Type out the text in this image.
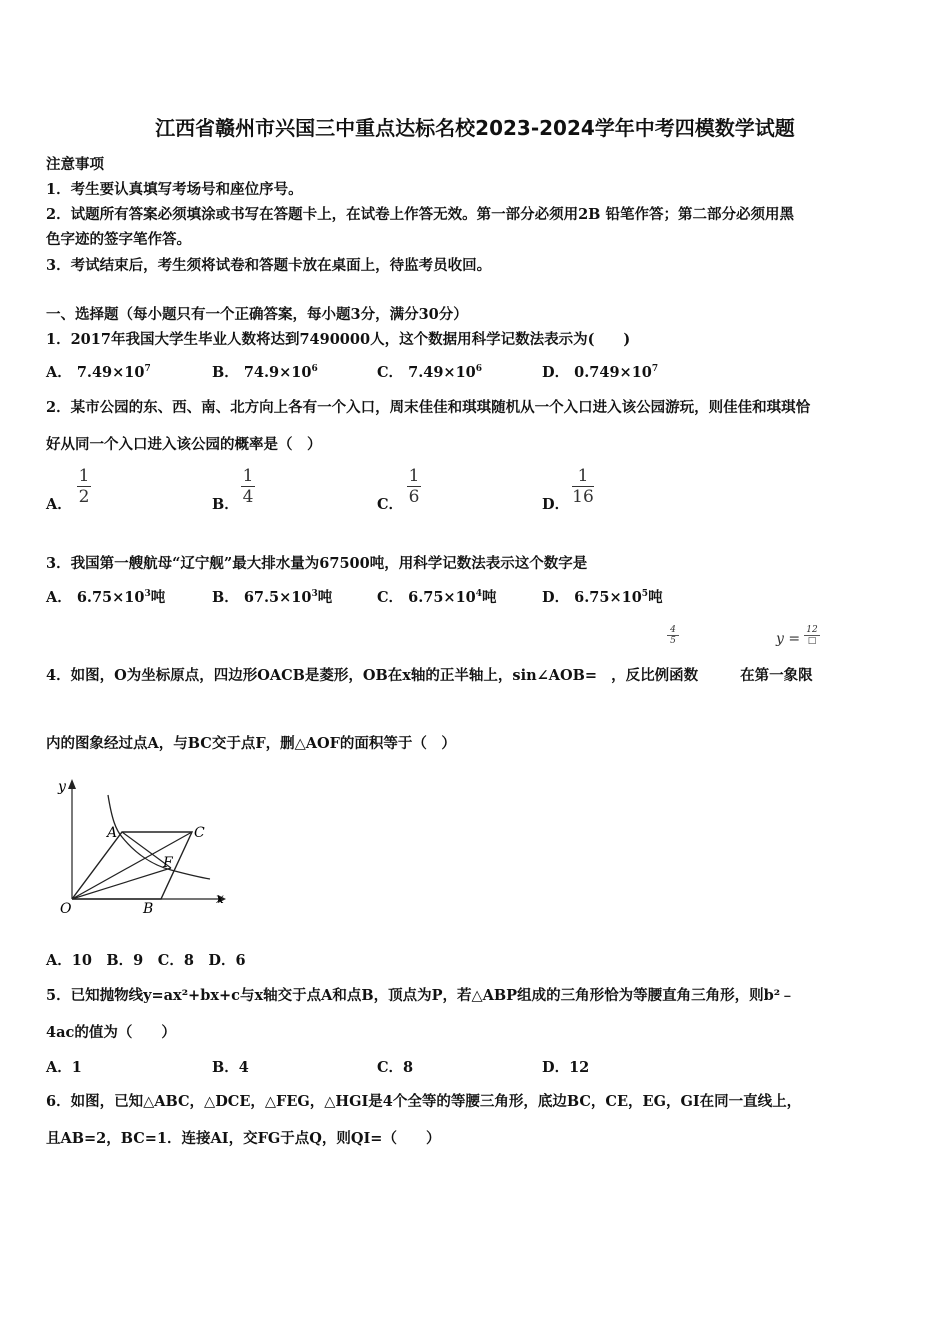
江西省赣州市兴国三中重点达标名校2023-2024学年中考四模数学试题
注意事项
1．考生要认真填写考场号和座位序号。
2．试题所有答案必须填涂或书写在答题卡上，在试卷上作答无效。第一部分必须用2B 铅笔作答；第二部分必须用黑
色字迹的签字笔作答。
3．考试结束后，考生须将试卷和答题卡放在桌面上，待监考员收回。
一、选择题（每小题只有一个正确答案，每小题3分，满分30分）
1．2017年我国大学生毕业人数将达到7490000人，这个数据用科学记数法表示为(　　)
A． $7.49\times 10^7$	B． $74.9\times 10^6$	C． $7.49\times 10^6$	D． $0.749\times 10^7$
2．某市公园的东、西、南、北方向上各有一个入口，周末佳佳和琪琪随机从一个入口进入该公园游玩，则佳佳和琪琪恰
好从同一个入口进入该公园的概率是（　）
A．
1
2	B．
1
4	C．
1
6	D．
1
16
3．我国第一艘航母“辽宁舰”最大排水量为67500吨，用科学记数法表示这个数字是
A． $6.75\times 10^3$吨	B． $67.5\times 10^3$吨	C． $6.75\times 10^4$吨	D． $6.75\times 10^5$吨
4
5	y =
12
□
4．如图，O为坐标原点，四边形OACB是菱形，OB在x轴的正半轴上，sin∠AOB= ，反比例函数	在第一象限
内的图象经过点A，与BC交于点F，删△AOF的面积等于（　）
y
x
O
A	C
F
B
A．10　B．9　C．8　D．6
5．已知抛物线y=ax²+bx+c与x轴交于点A和点B，顶点为P，若△ABP组成的三角形恰为等腰直角三角形，则b²﹣
4ac的值为（　　）
A．1	B．4	C．8	D．12
6．如图，已知△ABC，△DCE，△FEG，△HGI是4个全等的等腰三角形，底边BC，CE，EG，GI在同一直线上，
且AB=2，BC=1．连接AI，交FG于点Q，则QI=（　　）
